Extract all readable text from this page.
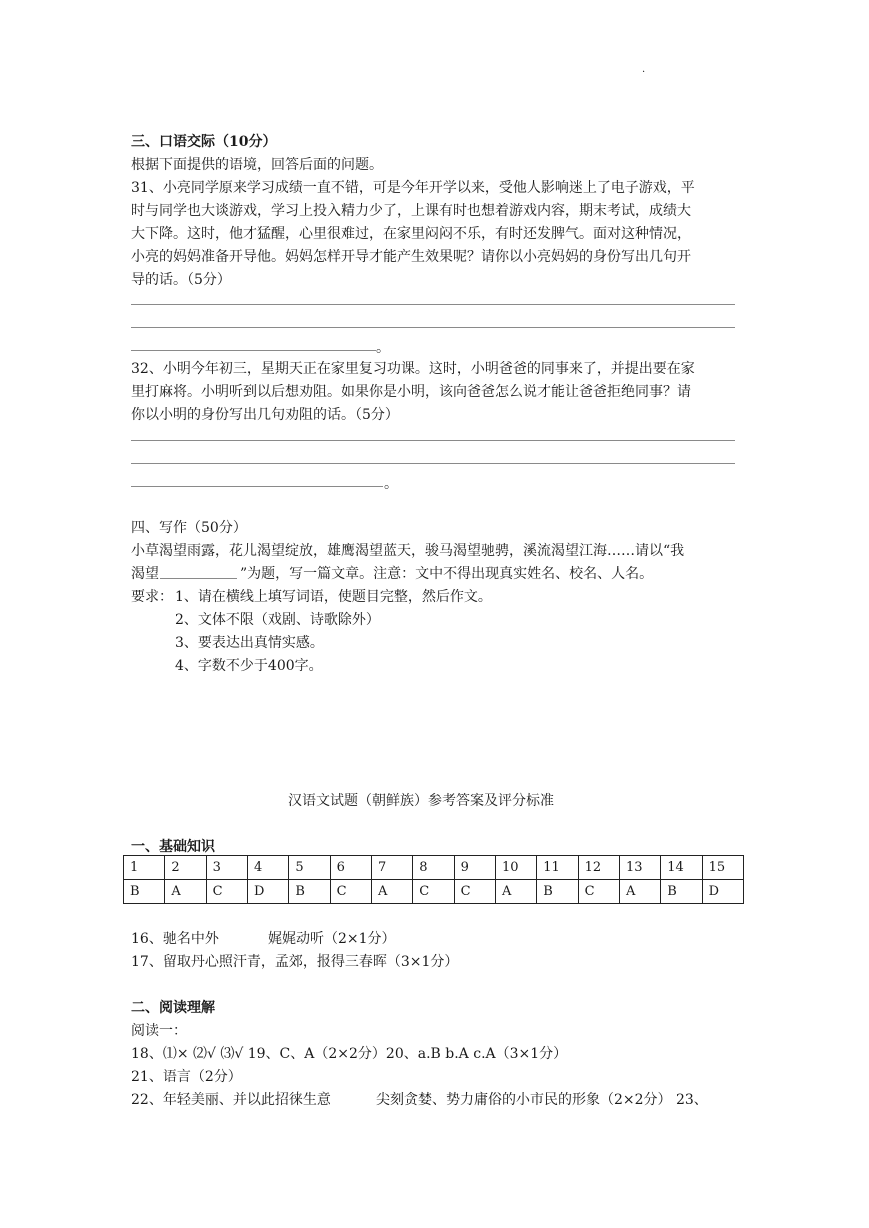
.
三、口语交际（10分）
根据下面提供的语境，回答后面的问题。
31、小亮同学原来学习成绩一直不错，可是今年开学以来，受他人影响迷上了电子游戏，平
时与同学也大谈游戏，学习上投入精力少了，上课有时也想着游戏内容，期末考试，成绩大
大下降。这时，他才猛醒，心里很难过，在家里闷闷不乐，有时还发脾气。面对这种情况，
小亮的妈妈准备开导他。妈妈怎样开导才能产生效果呢？请你以小亮妈妈的身份写出几句开
导的话。（5分）
。
32、小明今年初三，星期天正在家里复习功课。这时，小明爸爸的同事来了，并提出要在家
里打麻将。小明听到以后想劝阻。如果你是小明，该向爸爸怎么说才能让爸爸拒绝同事？请
你以小明的身份写出几句劝阻的话。（5分）
。
四、写作（50分）
小草渴望雨露，花儿渴望绽放，雄鹰渴望蓝天，骏马渴望驰骋，溪流渴望江海……请以“我
渴望	”为题，写一篇文章。注意：文中不得出现真实姓名、校名、人名。
要求： 1、请在横线上填写词语，使题目完整，然后作文。
2、文体不限（戏剧、诗歌除外）
3、要表达出真情实感。
4、字数不少于400字。
汉语文试题（朝鲜族）参考答案及评分标准
一、基础知识
1	2	3	4	5	6	7	8	9	10	11	12	13	14	15
B	A	C	D	B	C	A	C	C	A	B	C	A	B	D
16、驰名中外	娓娓动听（2×1分）
17、留取丹心照汗青，孟郊，报得三春晖（3×1分）
二、阅读理解
阅读一：
18、⑴× ⑵√ ⑶√ 19、C、A（2×2分）20、a.B b.A c.A（3×1分）
21、语言（2分）
22、年轻美丽、并以此招徕生意	尖刻贪婪、势力庸俗的小市民的形象（2×2分） 23、
